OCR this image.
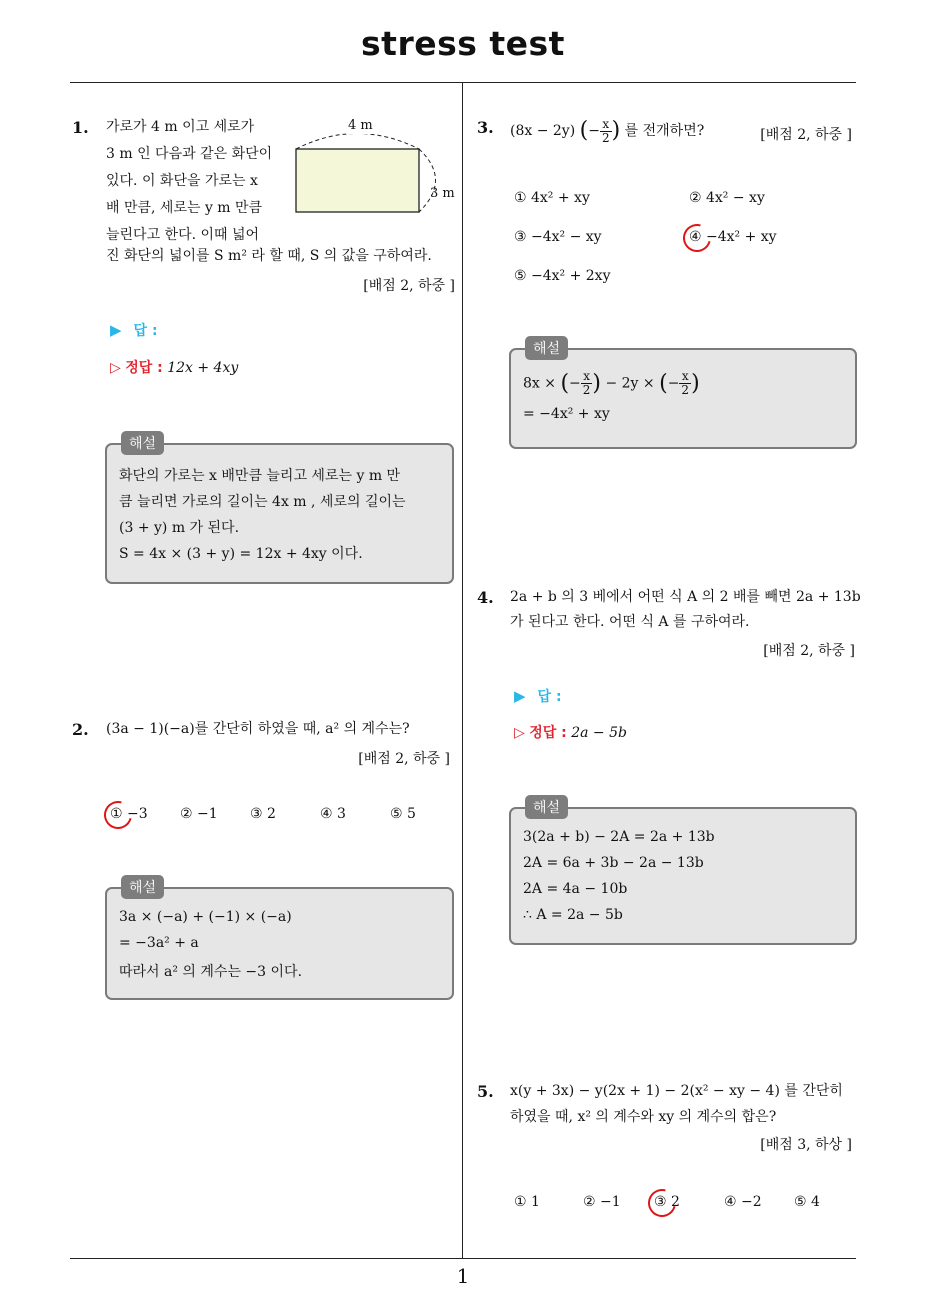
stress test
1
1. 가로가 4 m 이고 세로가
3 m 인 다음과 같은 화단이
있다. 이 화단을 가로는 x
배 만큼, 세로는 y m 만큼
늘린다고 한다. 이때 넓어
진 화단의 넓이를 S m² 라 할 때, S 의 값을 구하여라.
4 m
3 m
[배점 2, 하중 ]
▶ 답 :
▷ 정답 : 12x + 4xy
해설
화단의 가로는 x 배만큼 늘리고 세로는 y m 만
큼 늘리면 가로의 길이는 4x m , 세로의 길이는
(3 + y) m 가 된다.
S = 4x × (3 + y) = 12x + 4xy 이다.
2. (3a − 1)(−a)를 간단히 하였을 때, a² 의 계수는?
[배점 2, 하중 ]
① −3 ② −1 ③ 2	④ 3	⑤ 5
해설
3a × (−a) + (−1) × (−a)
= −3a² + a
따라서 a² 의 계수는 −3 이다.
3. (8x − 2y) (− $\frac{x}{2}$ ) 를 전개하면?	[배점 2, 하중 ]
① 4x² + xy	② 4x² − xy
③ −4x² − xy	④ −4x² + xy
⑤ −4x² + 2xy
해설
8x × (− $\frac{x}{2}$ ) − 2y × (− $\frac{x}{2}$ )
= −4x² + xy
4. 2a + b 의 3 베에서 어떤 식 A 의 2 배를 빼면 2a + 13b
가 된다고 한다. 어떤 식 A 를 구하여라.
[배점 2, 하중 ]
▶ 답 :
▷ 정답 : 2a − 5b
해설
3(2a + b) − 2A = 2a + 13b
2A = 6a + 3b − 2a − 13b
2A = 4a − 10b
∴ A = 2a − 5b
5. x(y + 3x) − y(2x + 1) − 2(x² − xy − 4) 를 간단히
하였을 때, x² 의 계수와 xy 의 계수의 합은?
[배점 3, 하상 ]
① 1	② −1 ③ 2	④ −2 ⑤ 4
